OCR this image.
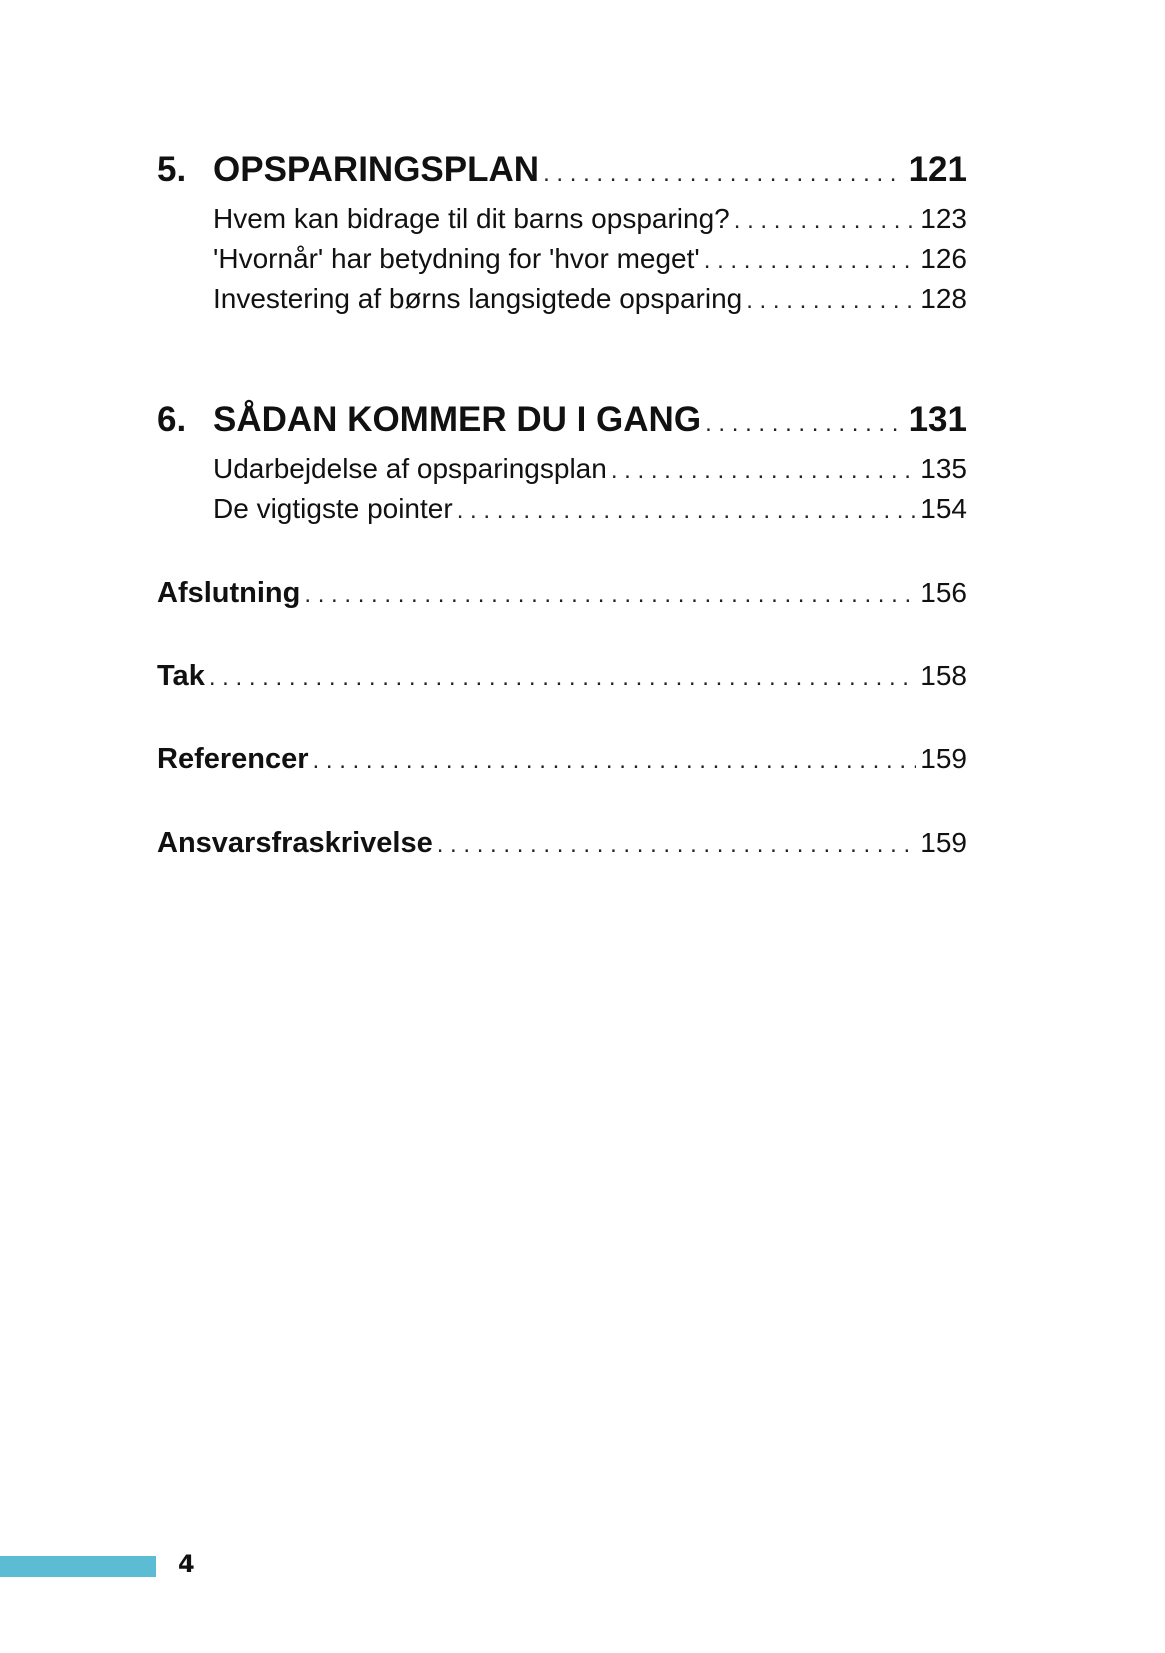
5. OPSPARINGSPLAN . . .	121
Hvem kan bidrage til dit barns opsparing? . . .	123
'Hvornår' har betydning for 'hvor meget' . . .	126
Investering af børns langsigtede opsparing . . .	128
6. SÅDAN KOMMER DU I GANG . . .	131
Udarbejdelse af opsparingsplan . . .	135
De vigtigste pointer . . .	154
Afslutning . . .	156
Tak . . .	158
Referencer . . .	159
Ansvarsfraskrivelse . . .	159
4
